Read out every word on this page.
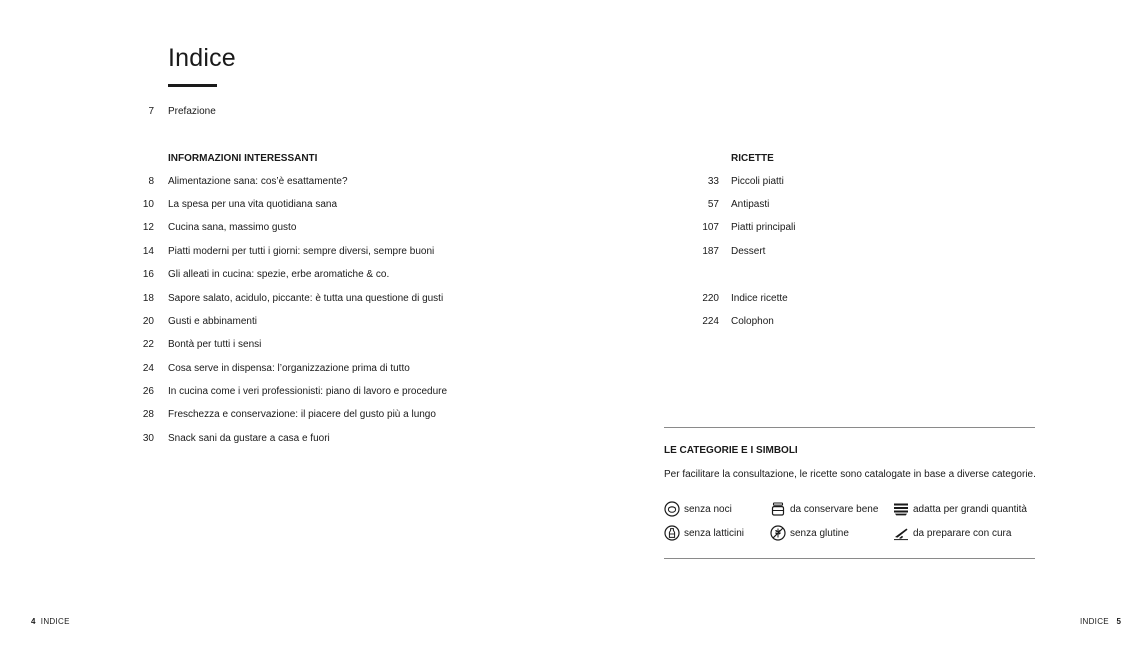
Indice
7 Prefazione
INFORMAZIONI INTERESSANTI
8 Alimentazione sana: cos’è esattamente?
10 La spesa per una vita quotidiana sana
12 Cucina sana, massimo gusto
14 Piatti moderni per tutti i giorni: sempre diversi, sempre buoni
16 Gli alleati in cucina: spezie, erbe aromatiche & co.
18 Sapore salato, acidulo, piccante: è tutta una questione di gusti
20 Gusti e abbinamenti
22 Bontà per tutti i sensi
24 Cosa serve in dispensa: l’organizzazione prima di tutto
26 In cucina come i veri professionisti: piano di lavoro e procedure
28 Freschezza e conservazione: il piacere del gusto più a lungo
30 Snack sani da gustare a casa e fuori
RICETTE
33 Piccoli piatti
57 Antipasti
107 Piatti principali
187 Dessert
220 Indice ricette
224 Colophon
LE CATEGORIE E I SIMBOLI
Per facilitare la consultazione, le ricette sono catalogate in base a diverse categorie.
senza noci	da conservare bene	adatta per grandi quantità
senza latticini	senza glutine	da preparare con cura
4 INDICE	INDICE 5
